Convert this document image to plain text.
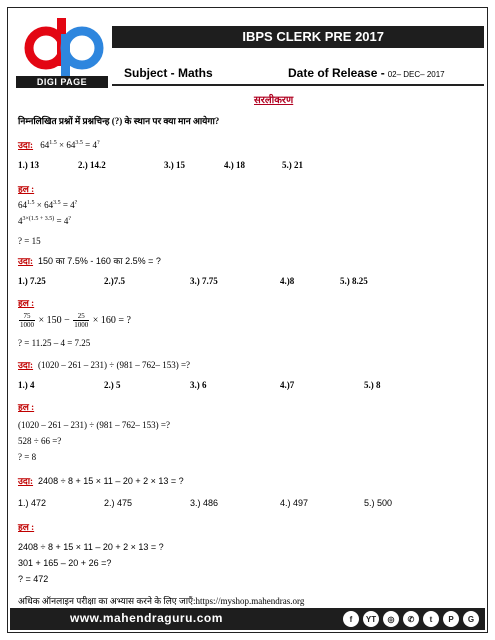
DIGI PAGE
IBPS CLERK PRE 2017
Subject - Maths	Date of Release - 02– DEC– 2017
सरलीकरण
निम्नलिखित प्रश्नों में प्रश्नचिन्ह (?) के स्थान पर क्या मान आयेगा?
उदा: $64^{1.5} \times 64^{3.5} = 4^?$
1.) 13	2.) 14.2	3.) 15	4.) 18	5.) 21
हल :
$64^{1.5} \times 64^{3.5} = 4^?$
$4^{3\times(1.5 + 3.5)} = 4^?$
? = 15
उदा: 150 का 7.5% - 160 का 2.5% = ?
1.) 7.25	2.)7.5	3.) 7.75	4.)8	5.) 8.25
हल :
$\frac{75}{1000} \times 150 - \frac{25}{1000} \times 160$ = ?
? = 11.25 – 4 = 7.25
उदा: (1020 – 261 – 231) ÷ (981 – 762– 153) =?
1.) 4	2.) 5	3.) 6	4.)7	5.) 8
हल :
(1020 – 261 – 231) ÷ (981 – 762– 153) =?
528 ÷ 66 =?
? = 8
उदा: 2408 ÷ 8 + 15 × 11 – 20 + 2 × 13 = ?
1.) 472	2.) 475	3.) 486	4.) 497	5.) 500
हल :
2408 ÷ 8 + 15 × 11 – 20 + 2 × 13 = ?
301 + 165 – 20 + 26 =?
? = 472
अधिक ऑनलाइन परीक्षा का अभ्यास करने के लिए जाएँ:https://myshop.mahendras.org
www.mahendraguru.com	f	YT	◎	✆	t	P	G
